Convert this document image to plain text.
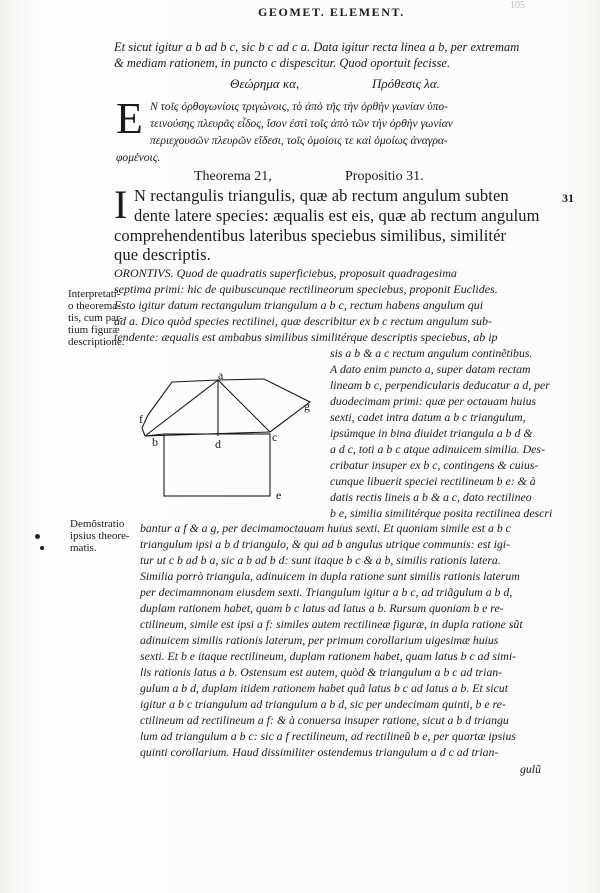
105
GEOMET. ELEMENT.
Et sicut igitur a b ad b c, sic b c ad c a. Data igitur recta linea a b, per extremam
& mediam rationem, in puncto c dispescitur. Quod oportuit fecisse.
Θεώρημα κα,	Πρόθεσις λα.
E Ν τοῖς ὀρθογωνίοις τριγώνοις, τὸ ἀπὸ τῆς τὴν ὀρθὴν γωνίαν ὑπο-
τεινούσης πλευρᾶς εἶδος, ἴσον ἐστὶ τοῖς ἀπὸ τῶν τὴν ὀρθὴν γωνίαν
περιεχουσῶν πλευρῶν εἴδεσι, τοῖς ὁμοίοις τε καὶ ὁμοίως ἀναγρα-
φομένοις.
Theorema 21,	Propositio 31.
I N rectangulis triangulis, quæ ab rectum angulum subten
dente latere species: æqualis est eis, quæ ab rectum angulum
comprehendentibus lateribus speciebus similibus, similitér
que descriptis.
31
ORONTIVS. Quod de quadratis superficiebus, proposuit quadragesima
septima primi: hic de quibuscunque rectilineorum speciebus, proponit Euclides.
Esto igitur datum rectangulum triangulum a b c, rectum habens angulum qui
ad a. Dico quòd species rectilinei, quæ describitur ex b c rectum angulum sub-
tendente: æqualis est ambabus similibus similitérque descriptis speciebus, ab ip
Interpretati-
o theorema-
tis, cum par-
tium figuræ
descriptione.
a
b	c
d
e
f
g
sis a b & a c rectum angulum continẽtibus.
A dato enim puncto a, super datam rectam
lineam b c, perpendicularis deducatur a d, per
duodecimam primi: quæ per octauam huius
sexti, cadet intra datum a b c triangulum,
ipsúmque in bina diuidet triangula a b d &
a d c, toti a b c atque adinuicem similia. Des-
cribatur insuper ex b c, contingens & cuius-
cunque libuerit speciei rectilineum b e: & à
datis rectis lineis a b & a c, dato rectilineo
b e, similia similitérque posita rectilinea descri
Demõstratio
ipsius theore-
matis.
bantur a f & a g, per decimamoctauam huius sexti. Et quoniam simile est a b c
triangulum ipsi a b d triangulo, & qui ad b angulus utrique communis: est igi-
tur ut c b ad b a, sic a b ad b d: sunt itaque b c & a b, similis rationis latera.
Similia porrò triangula, adinuicem in dupla ratione sunt similis rationis laterum
per decimamnonam eiusdem sexti. Triangulum igitur a b c, ad triãgulum a b d,
duplam rationem habet, quam b c latus ad latus a b. Rursum quoniam b e re-
ctilineum, simile est ipsi a f: similes autem rectilineæ figuræ, in dupla ratione sũt
adinuicem similis rationis laterum, per primum corollarium uigesimæ huius
sexti. Et b e itaque rectilineum, duplam rationem habet, quam latus b c ad simi-
lis rationis latus a b. Ostensum est autem, quòd & triangulum a b c ad trian-
gulum a b d, duplam itidem rationem habet quã latus b c ad latus a b. Et sicut
igitur a b c triangulum ad triangulum a b d, sic per undecimam quinti, b e re-
ctilineum ad rectilineum a f: & à conuersa insuper ratione, sicut a b d triangu
lum ad triangulum a b c: sic a f rectilineum, ad rectilineũ b e, per quartæ ipsius
quinti corollarium. Haud dissimiliter ostendemus triangulum a d c ad trian-
gulũ
